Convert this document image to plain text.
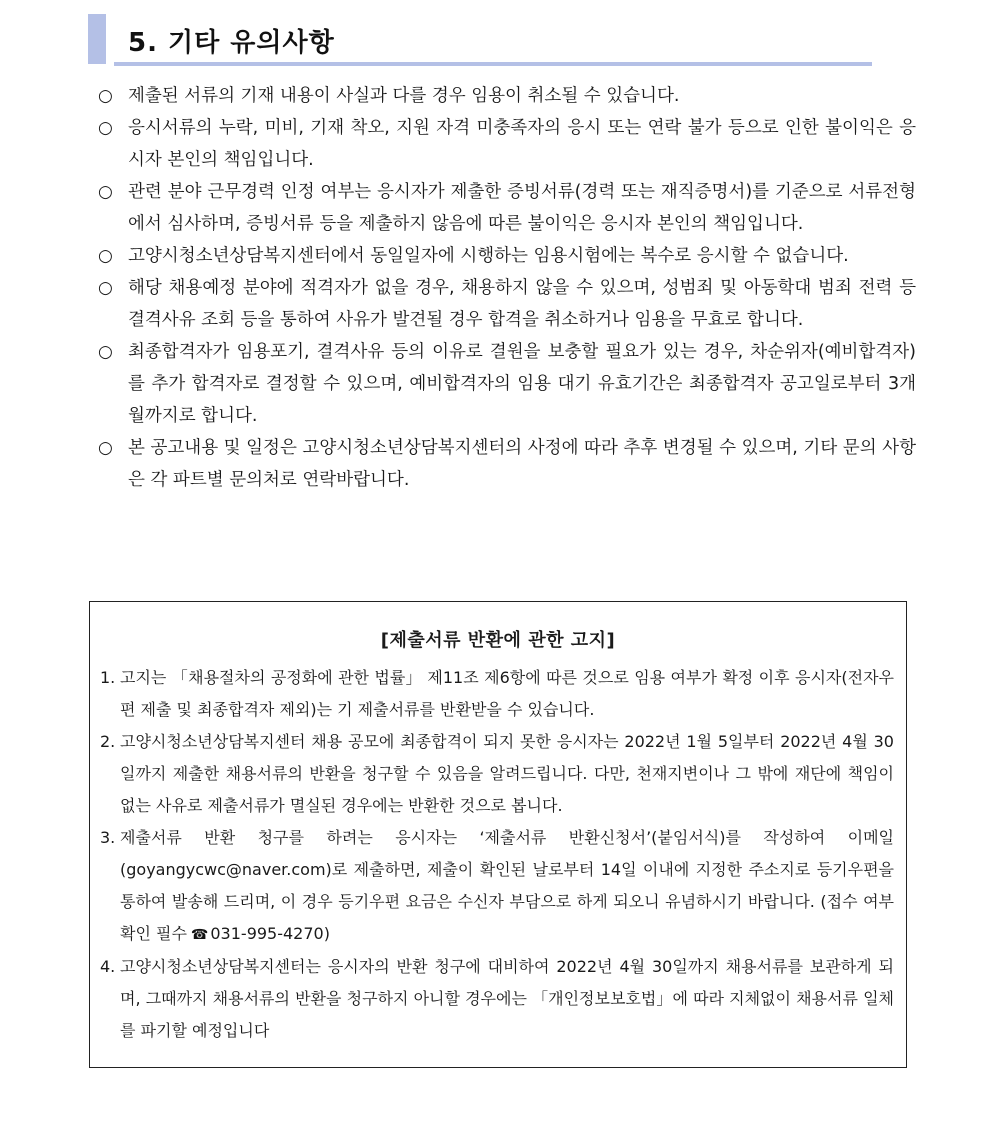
5. 기타 유의사항
○ 제출된 서류의 기재 내용이 사실과 다를 경우 임용이 취소될 수 있습니다.
○ 응시서류의 누락, 미비, 기재 착오, 지원 자격 미충족자의 응시 또는 연락 불가 등으로 인한 불이익은 응시자 본인의 책임입니다.
○ 관련 분야 근무경력 인정 여부는 응시자가 제출한 증빙서류(경력 또는 재직증명서)를 기준으로 서류전형에서 심사하며, 증빙서류 등을 제출하지 않음에 따른 불이익은 응시자 본인의 책임입니다.
○ 고양시청소년상담복지센터에서 동일일자에 시행하는 임용시험에는 복수로 응시할 수 없습니다.
○ 해당 채용예정 분야에 적격자가 없을 경우, 채용하지 않을 수 있으며, 성범죄 및 아동학대 범죄 전력 등 결격사유 조회 등을 통하여 사유가 발견될 경우 합격을 취소하거나 임용을 무효로 합니다.
○ 최종합격자가 임용포기, 결격사유 등의 이유로 결원을 보충할 필요가 있는 경우, 차순위자(예비합격자)를 추가 합격자로 결정할 수 있으며, 예비합격자의 임용 대기 유효기간은 최종합격자 공고일로부터 3개월까지로 합니다.
○ 본 공고내용 및 일정은 고양시청소년상담복지센터의 사정에 따라 추후 변경될 수 있으며, 기타 문의 사항은 각 파트별 문의처로 연락바랍니다.
[제출서류 반환에 관한 고지]
1. 고지는 「채용절차의 공정화에 관한 법률」 제11조 제6항에 따른 것으로 임용 여부가 확정 이후 응시자(전자우편 제출 및 최종합격자 제외)는 기 제출서류를 반환받을 수 있습니다.
2. 고양시청소년상담복지센터 채용 공모에 최종합격이 되지 못한 응시자는 2022년 1월 5일부터 2022년 4월 30일까지 제출한 채용서류의 반환을 청구할 수 있음을 알려드립니다. 다만, 천재지변이나 그 밖에 재단에 책임이 없는 사유로 제출서류가 멸실된 경우에는 반환한 것으로 봅니다.
3. 제출서류 반환 청구를 하려는 응시자는 ‘제출서류 반환신청서’(붙임서식)를 작성하여 이메일(goyangycwc@naver.com)로 제출하면, 제출이 확인된 날로부터 14일 이내에 지정한 주소지로 등기우편을 통하여 발송해 드리며, 이 경우 등기우편 요금은 수신자 부담으로 하게 되오니 유념하시기 바랍니다. (접수 여부 확인 필수 ☎ 031-995-4270)
4. 고양시청소년상담복지센터는 응시자의 반환 청구에 대비하여 2022년 4월 30일까지 채용서류를 보관하게 되며, 그때까지 채용서류의 반환을 청구하지 아니할 경우에는 「개인정보보호법」에 따라 지체없이 채용서류 일체를 파기할 예정입니다
